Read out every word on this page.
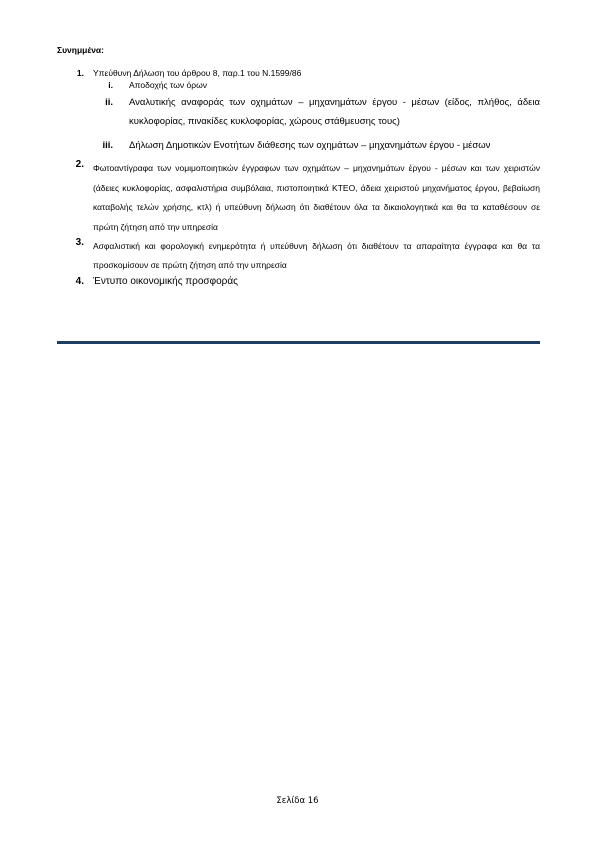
Συνημμένα:
1. Υπεύθυνη Δήλωση του άρθρου 8, παρ.1 του Ν.1599/86
i. Αποδοχής των όρων
ii. Αναλυτικής αναφοράς των οχημάτων – μηχανημάτων έργου - μέσων (είδος, πλήθος, άδεια κυκλοφορίας, πινακίδες κυκλοφορίας, χώρους στάθμευσης τους)
iii. Δήλωση Δημοτικών Ενοτήτων διάθεσης των οχημάτων – μηχανημάτων έργου - μέσων
2. Φωτοαντίγραφα των νομιμοποιητικών έγγραφων των οχημάτων – μηχανημάτων έργου - μέσων και των χειριστών (άδειες κυκλοφορίας, ασφαλιστήρια συμβόλαια, πιστοποιητικά ΚΤΕΟ, άδεια χειριστού μηχανήματος έργου, βεβαίωση καταβολής τελών χρήσης, κτλ) ή υπεύθυνη δήλωση ότι διαθέτουν όλα τα δικαιολογητικά και θα τα καταθέσουν σε πρώτη ζήτηση από την υπηρεσία
3. Ασφαλιστική και φορολογική ενημερότητα ή υπεύθυνη δήλωση ότι διαθέτουν τα απαραίτητα έγγραφα και θα τα προσκομίσουν σε πρώτη ζήτηση από την υπηρεσία
4. Έντυπο οικονομικής προσφοράς
Σελίδα 16
